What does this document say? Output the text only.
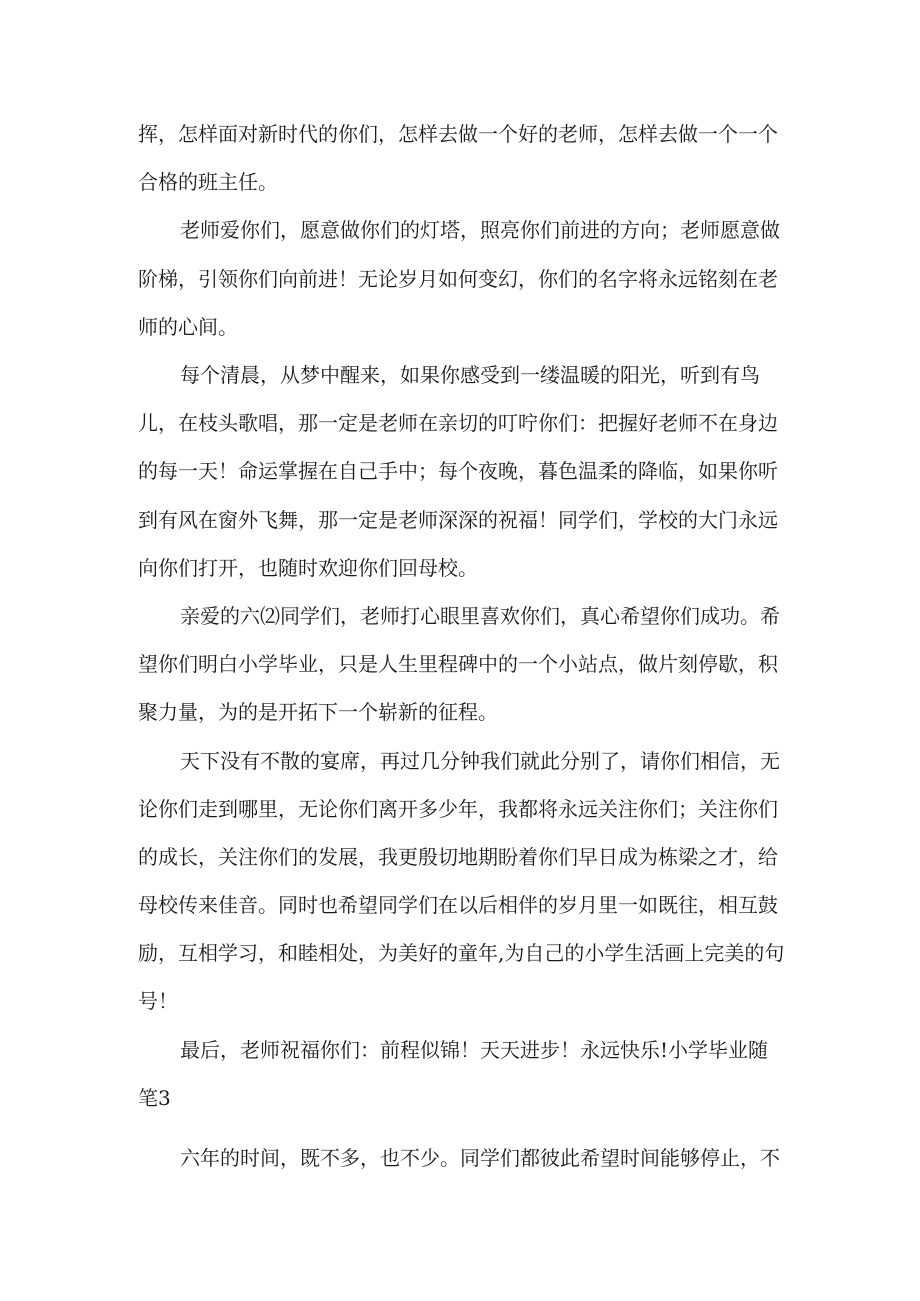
挥，怎样面对新时代的你们，怎样去做一个好的老师，怎样去做一个一个

合格的班主任。

老师爱你们，愿意做你们的灯塔，照亮你们前进的方向；老师愿意做

阶梯，引领你们向前进！无论岁月如何变幻，你们的名字将永远铭刻在老

师的心间。

每个清晨，从梦中醒来，如果你感受到一缕温暖的阳光，听到有鸟

儿，在枝头歌唱，那一定是老师在亲切的叮咛你们：把握好老师不在身边

的每一天！命运掌握在自己手中；每个夜晚，暮色温柔的降临，如果你听

到有风在窗外飞舞，那一定是老师深深的祝福！同学们，学校的大门永远

向你们打开，也随时欢迎你们回母校。

亲爱的六⑵同学们，老师打心眼里喜欢你们，真心希望你们成功。希

望你们明白小学毕业，只是人生里程碑中的一个小站点，做片刻停歇，积

聚力量，为的是开拓下一个崭新的征程。

天下没有不散的宴席，再过几分钟我们就此分别了，请你们相信，无

论你们走到哪里，无论你们离开多少年，我都将永远关注你们；关注你们

的成长，关注你们的发展，我更殷切地期盼着你们早日成为栋梁之才，给

母校传来佳音。同时也希望同学们在以后相伴的岁月里一如既往，相互鼓

励，互相学习，和睦相处，为美好的童年,为自己的小学生活画上完美的句

号！

最后，老师祝福你们：前程似锦！天天进步！永远快乐!小学毕业随

笔3

六年的时间，既不多，也不少。同学们都彼此希望时间能够停止，不
